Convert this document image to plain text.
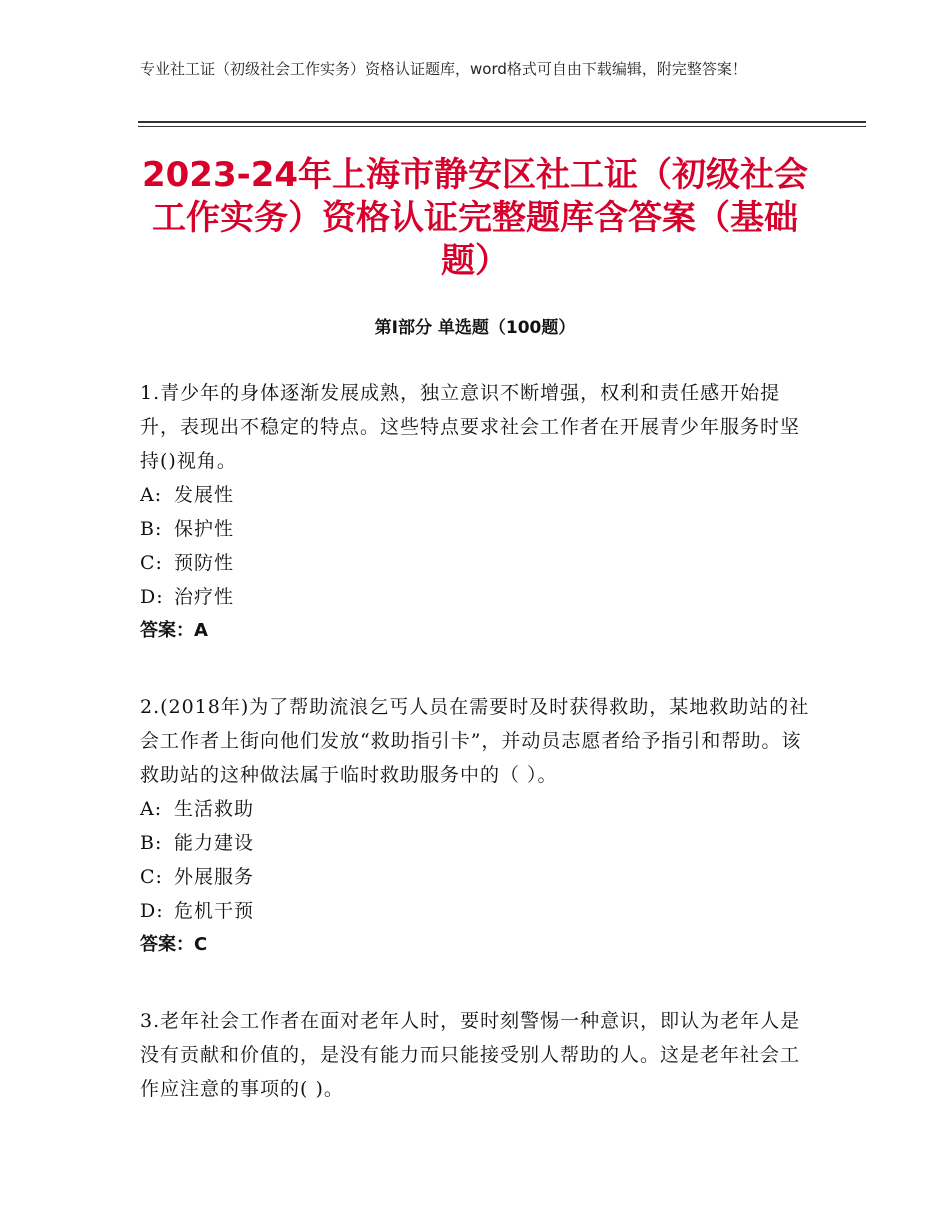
专业社工证（初级社会工作实务）资格认证题库，word格式可自由下载编辑，附完整答案！
2023-24年上海市静安区社工证（初级社会工作实务）资格认证完整题库含答案（基础题）
第I部分 单选题（100题）
1.青少年的身体逐渐发展成熟，独立意识不断增强，权利和责任感开始提升，表现出不稳定的特点。这些特点要求社会工作者在开展青少年服务时坚持()视角。
A: 发展性
B: 保护性
C: 预防性
D: 治疗性
答案：A
2.(2018年)为了帮助流浪乞丐人员在需要时及时获得救助，某地救助站的社会工作者上街向他们发放“救助指引卡”，并动员志愿者给予指引和帮助。该救助站的这种做法属于临时救助服务中的（ ）。
A: 生活救助
B: 能力建设
C: 外展服务
D: 危机干预
答案：C
3.老年社会工作者在面对老年人时，要时刻警惕一种意识，即认为老年人是没有贡献和价值的，是没有能力而只能接受别人帮助的人。这是老年社会工作应注意的事项的( )。
